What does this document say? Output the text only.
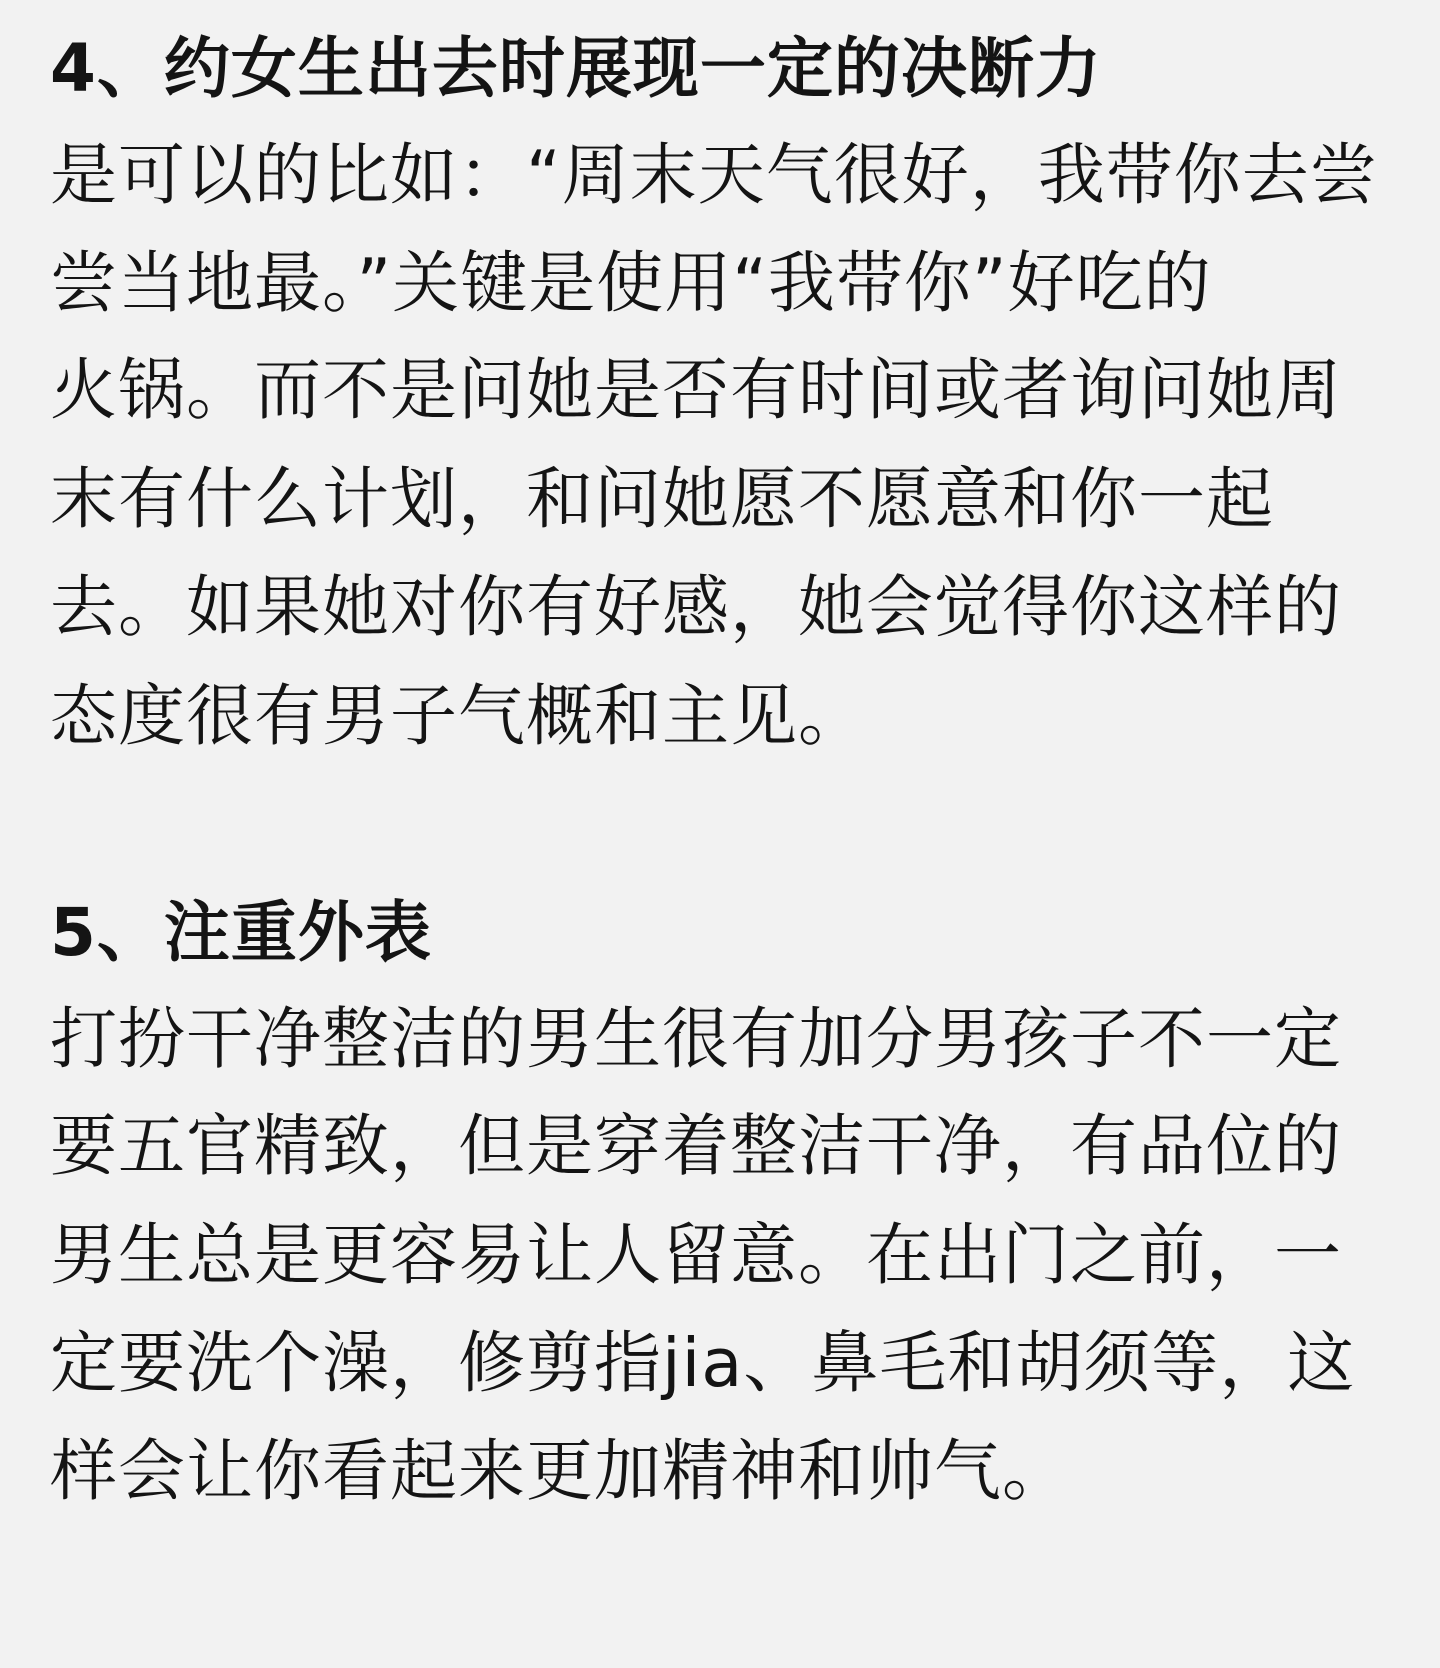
4、约女生出去时展现一定的决断力

是可以的比如：“周末天气很好，我带你去尝

尝当地最。”关键是使用“我带你”好吃的

火锅。而不是问她是否有时间或者询问她周

末有什么计划，和问她愿不愿意和你一起

去。如果她对你有好感，她会觉得你这样的

态度很有男子气概和主见。

5、注重外表

打扮干净整洁的男生很有加分男孩子不一定

要五官精致，但是穿着整洁干净，有品位的

男生总是更容易让人留意。在出门之前，一

定要洗个澡，修剪指jia、鼻毛和胡须等，这

样会让你看起来更加精神和帅气。
